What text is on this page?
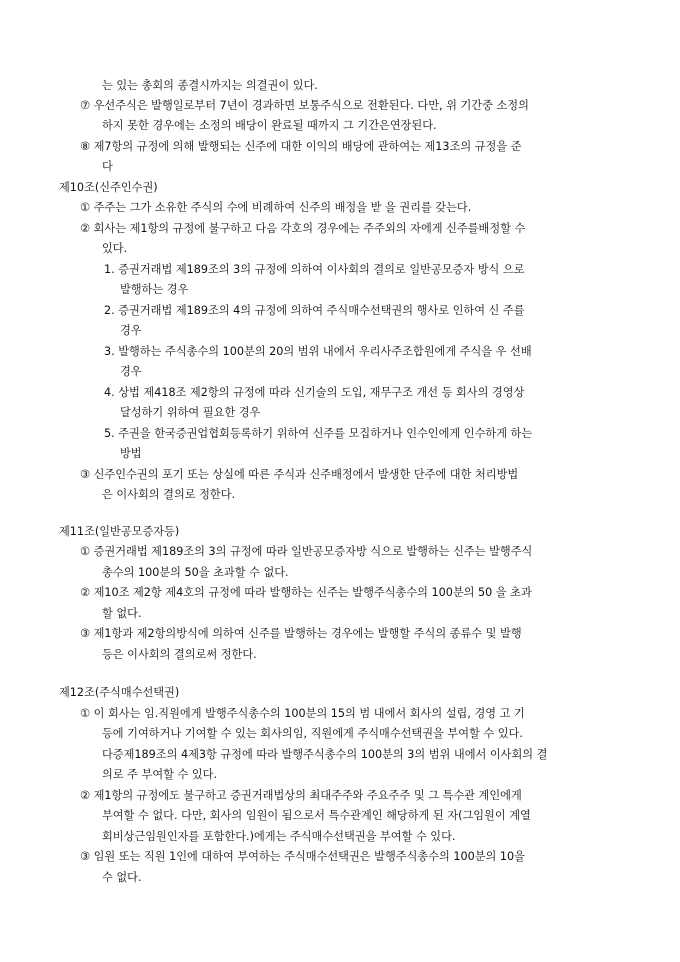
는 있는 총회의 종결시까지는 의결권이 있다.
⑦ 우선주식은 발행일로부터 7년이 경과하면 보통주식으로 전환된다. 다만, 위 기간중 소정의
하지 못한 경우에는 소정의 배당이 완료될 때까지 그 기간은연장된다.
⑧ 제7항의 규정에 의해 발행되는 신주에 대한 이익의 배당에 관하여는 제13조의 규정을 준
다
제10조(신주인수권)
① 주주는 그가 소유한 주식의 수에 비례하여 신주의 배정을 받 을 권리를 갖는다.
② 회사는 제1항의 규정에 불구하고 다음 각호의 경우에는 주주외의 자에게 신주를배정할 수
있다.
1. 증권거래법 제189조의 3의 규정에 의하여 이사회의 결의로 일반공모증자 방식 으로
발행하는 경우
2. 증권거래법 제189조의 4의 규정에 의하여 주식매수선택권의 행사로 인하여 신 주를
경우
3. 발행하는 주식총수의 100분의 20의 범위 내에서 우리사주조합원에게 주식을 우 선배
경우
4. 상법 제418조 제2항의 규정에 따라 신기술의 도입, 재무구조 개선 등 회사의 경영상
달성하기 위하여 필요한 경우
5. 주권을 한국증권업협회등록하기 위하여 신주를 모집하거나 인수인에게 인수하게 하는
방법
③ 신주인수권의 포기 또는 상실에 따른 주식과 신주배정에서 발생한 단주에 대한 처리방법
은 이사회의 결의로 정한다.
제11조(일반공모증자등)
① 증권거래법 제189조의 3의 규정에 따라 일반공모증자방 식으로 발행하는 신주는 발행주식
총수의 100분의 50을 초과할 수 없다.
② 제10조 제2항 제4호의 규정에 따라 발행하는 신주는 발행주식총수의 100분의 50 을 초과
할 없다.
③ 제1항과 제2항의방식에 의하여 신주를 발행하는 경우에는 발행할 주식의 종류수 및 발행
등은 이사회의 결의로써 정한다.
제12조(주식매수선택권)
① 이 회사는 임.직원에게 발행주식총수의 100분의 15의 범 내에서 회사의 설립, 경영 고 기
등에 기여하거나 기여할 수 있는 회사의임, 직원에게 주식매수선택권을 부여할 수 있다.
다증제189조의 4제3항 규정에 따라 발행주식총수의 100분의 3의 범위 내에서 이사회의 결
의로 주 부여할 수 있다.
② 제1항의 규정에도 불구하고 증권거래법상의 최대주주와 주요주주 및 그 특수관 계인에게
부여할 수 없다. 다만, 회사의 임원이 됨으로서 특수관계인 해당하게 된 자(그임원이 계열
회비상근임원인자를 포함한다.)에게는 주식매수선택권을 부여할 수 있다.
③ 임원 또는 직원 1인에 대하여 부여하는 주식매수선택권은 발행주식총수의 100분의 10을
수 없다.
